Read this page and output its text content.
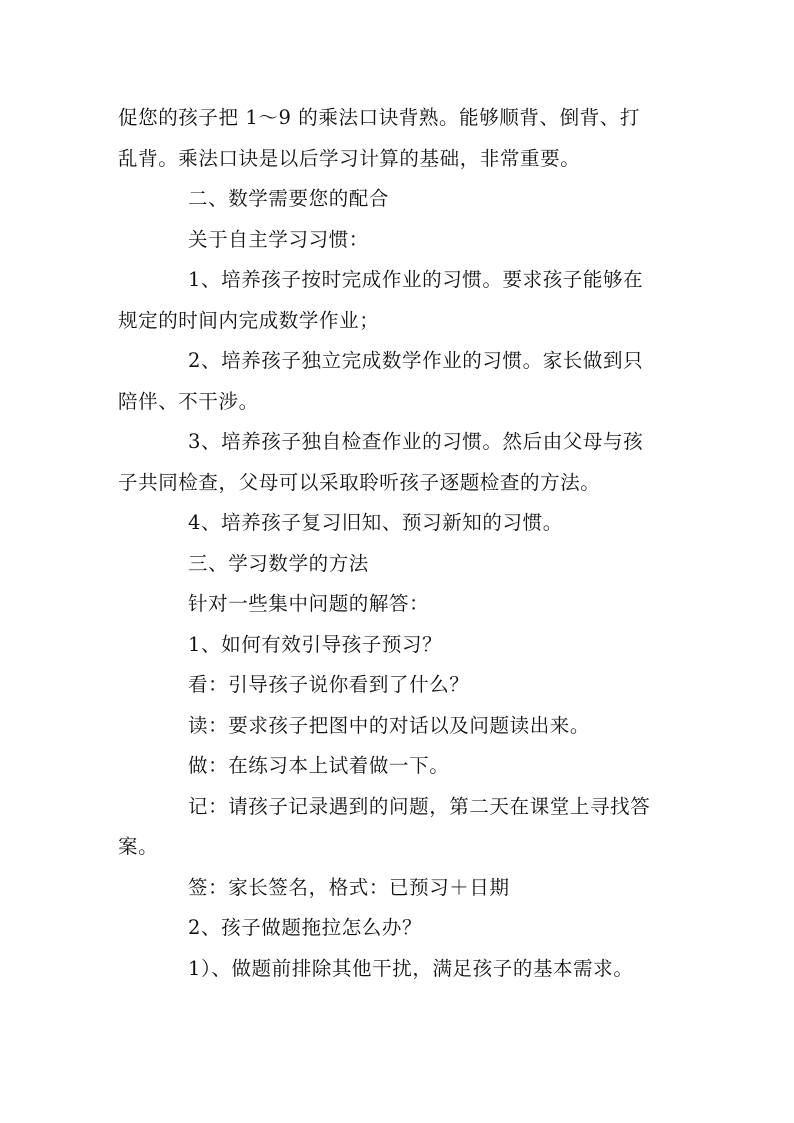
促您的孩子把 1～9 的乘法口诀背熟。能够顺背、倒背、打
乱背。乘法口诀是以后学习计算的基础，非常重要。
二、数学需要您的配合
关于自主学习习惯：
1、培养孩子按时完成作业的习惯。要求孩子能够在
规定的时间内完成数学作业；
2、培养孩子独立完成数学作业的习惯。家长做到只
陪伴、不干涉。
3、培养孩子独自检查作业的习惯。然后由父母与孩
子共同检查，父母可以采取聆听孩子逐题检查的方法。
4、培养孩子复习旧知、预习新知的习惯。
三、学习数学的方法
针对一些集中问题的解答：
1、如何有效引导孩子预习？
看：引导孩子说你看到了什么？
读：要求孩子把图中的对话以及问题读出来。
做：在练习本上试着做一下。
记：请孩子记录遇到的问题，第二天在课堂上寻找答
案。
签：家长签名，格式：已预习＋日期
2、孩子做题拖拉怎么办？
1）、做题前排除其他干扰，满足孩子的基本需求。
